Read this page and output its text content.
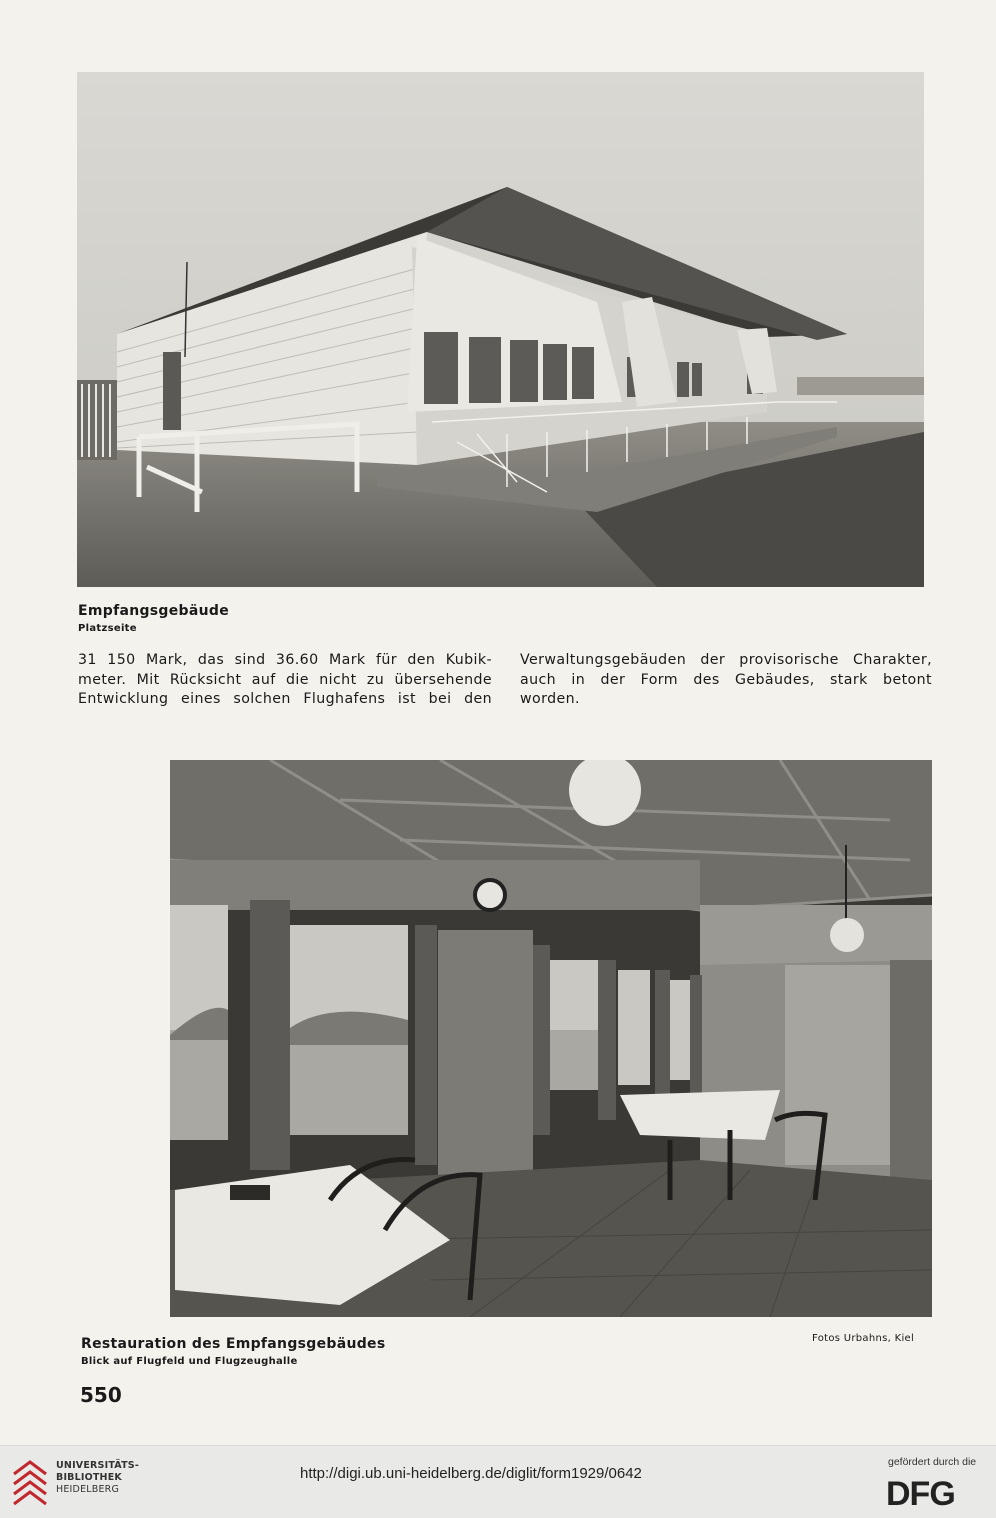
Empfangsgebäude
Platzseite
31 150 Mark, das sind 36.60 Mark für den Kubik-
meter. Mit Rücksicht auf die nicht zu übersehende
Entwicklung eines solchen Flughafens ist bei den
Verwaltungsgebäuden der provisorische Charakter,
auch in der Form des Gebäudes, stark betont
worden.
Restauration des Empfangsgebäudes
Blick auf Flugfeld und Flugzeughalle
Fotos Urbahns, Kiel
550
UNIVERSITÄTS-
BIBLIOTHEK
HEIDELBERG
http://digi.ub.uni-heidelberg.de/diglit/form1929/0642
gefördert durch die
DFG
